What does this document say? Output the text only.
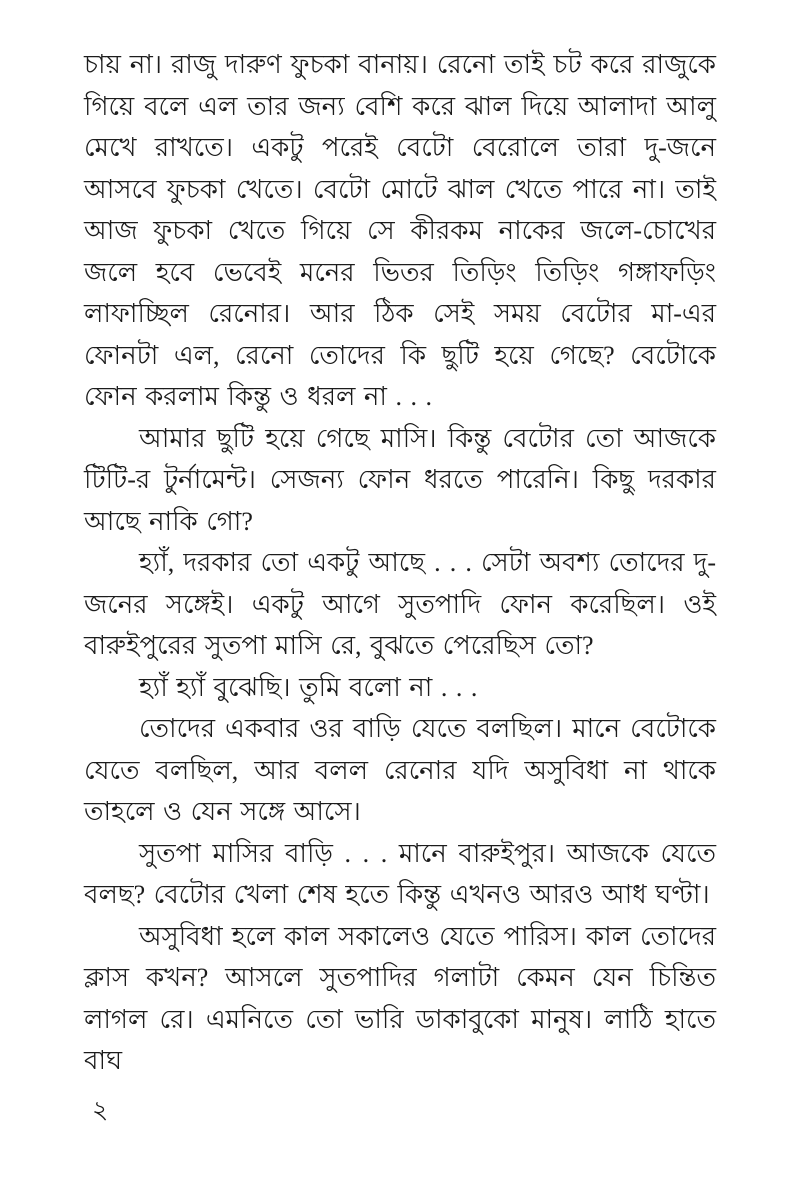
চায় না। রাজু দারুণ ফুচকা বানায়। রেনো তাই চট করে রাজুকে গিয়ে বলে এল তার জন্য বেশি করে ঝাল দিয়ে আলাদা আলু মেখে রাখতে। একটু পরেই বেটো বেরোলে তারা দু-জনে আসবে ফুচকা খেতে। বেটো মোটে ঝাল খেতে পারে না। তাই আজ ফুচকা খেতে গিয়ে সে কীরকম নাকের জলে-চোখের জলে হবে ভেবেই মনের ভিতর তিড়িং তিড়িং গঙ্গাফড়িং লাফাচ্ছিল রেনোর। আর ঠিক সেই সময় বেটোর মা-এর ফোনটা এল, রেনো তোদের কি ছুটি হয়ে গেছে? বেটোকে ফোন করলাম কিন্তু ও ধরল না . . .

আমার ছুটি হয়ে গেছে মাসি। কিন্তু বেটোর তো আজকে টিটি-র টুর্নামেন্ট। সেজন্য ফোন ধরতে পারেনি। কিছু দরকার আছে নাকি গো?

হ্যাঁ, দরকার তো একটু আছে . . . সেটা অবশ্য তোদের দু-জনের সঙ্গেই। একটু আগে সুতপাদি ফোন করেছিল। ওই বারুইপুরের সুতপা মাসি রে, বুঝতে পেরেছিস তো?

হ্যাঁ হ্যাঁ বুঝেছি। তুমি বলো না . . .

তোদের একবার ওর বাড়ি যেতে বলছিল। মানে বেটোকে যেতে বলছিল, আর বলল রেনোর যদি অসুবিধা না থাকে তাহলে ও যেন সঙ্গে আসে।

সুতপা মাসির বাড়ি . . . মানে বারুইপুর। আজকে যেতে বলছ? বেটোর খেলা শেষ হতে কিন্তু এখনও আরও আধ ঘণ্টা।

অসুবিধা হলে কাল সকালেও যেতে পারিস। কাল তোদের ক্লাস কখন? আসলে সুতপাদির গলাটা কেমন যেন চিন্তিত লাগল রে। এমনিতে তো ভারি ডাকাবুকো মানুষ। লাঠি হাতে বাঘ

২
